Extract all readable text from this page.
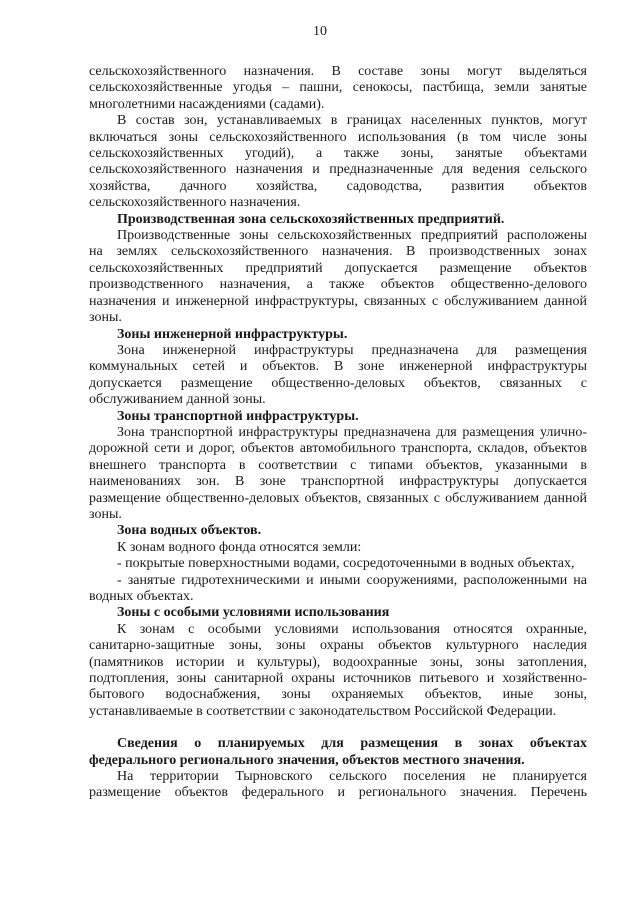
10
сельскохозяйственного назначения. В составе зоны могут выделяться
сельскохозяйственные угодья – пашни, сенокосы, пастбища, земли занятые
многолетними насаждениями (садами).
В состав зон, устанавливаемых в границах населенных пунктов, могут
включаться зоны сельскохозяйственного использования (в том числе зоны
сельскохозяйственных угодий), а также зоны, занятые объектами
сельскохозяйственного назначения и предназначенные для ведения сельского
хозяйства, дачного хозяйства, садоводства, развития объектов
сельскохозяйственного назначения.
Производственная зона сельскохозяйственных предприятий.
Производственные зоны сельскохозяйственных предприятий расположены
на землях сельскохозяйственного назначения. В производственных зонах
сельскохозяйственных предприятий допускается размещение объектов
производственного назначения, а также объектов общественно-делового
назначения и инженерной инфраструктуры, связанных с обслуживанием данной
зоны.
Зоны инженерной инфраструктуры.
Зона инженерной инфраструктуры предназначена для размещения
коммунальных сетей и объектов. В зоне инженерной инфраструктуры
допускается размещение общественно-деловых объектов, связанных с
обслуживанием данной зоны.
Зоны транспортной инфраструктуры.
Зона транспортной инфраструктуры предназначена для размещения улично-
дорожной сети и дорог, объектов автомобильного транспорта, складов, объектов
внешнего транспорта в соответствии с типами объектов, указанными в
наименованиях зон. В зоне транспортной инфраструктуры допускается
размещение общественно-деловых объектов, связанных с обслуживанием данной
зоны.
Зона водных объектов.
К зонам водного фонда относятся земли:
- покрытые поверхностными водами, сосредоточенными в водных объектах,
- занятые гидротехническими и иными сооружениями, расположенными на
водных объектах.
Зоны с особыми условиями использования
К зонам с особыми условиями использования относятся охранные,
санитарно-защитные зоны, зоны охраны объектов культурного наследия
(памятников истории и культуры), водоохранные зоны, зоны затопления,
подтопления, зоны санитарной охраны источников питьевого и хозяйственно-
бытового водоснабжения, зоны охраняемых объектов, иные зоны,
устанавливаемые в соответствии с законодательством Российской Федерации.
Сведения о планируемых для размещения в зонах объектах
федерального регионального значения, объектов местного значения.
На территории Тырновского сельского поселения не планируется
размещение объектов федерального и регионального значения. Перечень
